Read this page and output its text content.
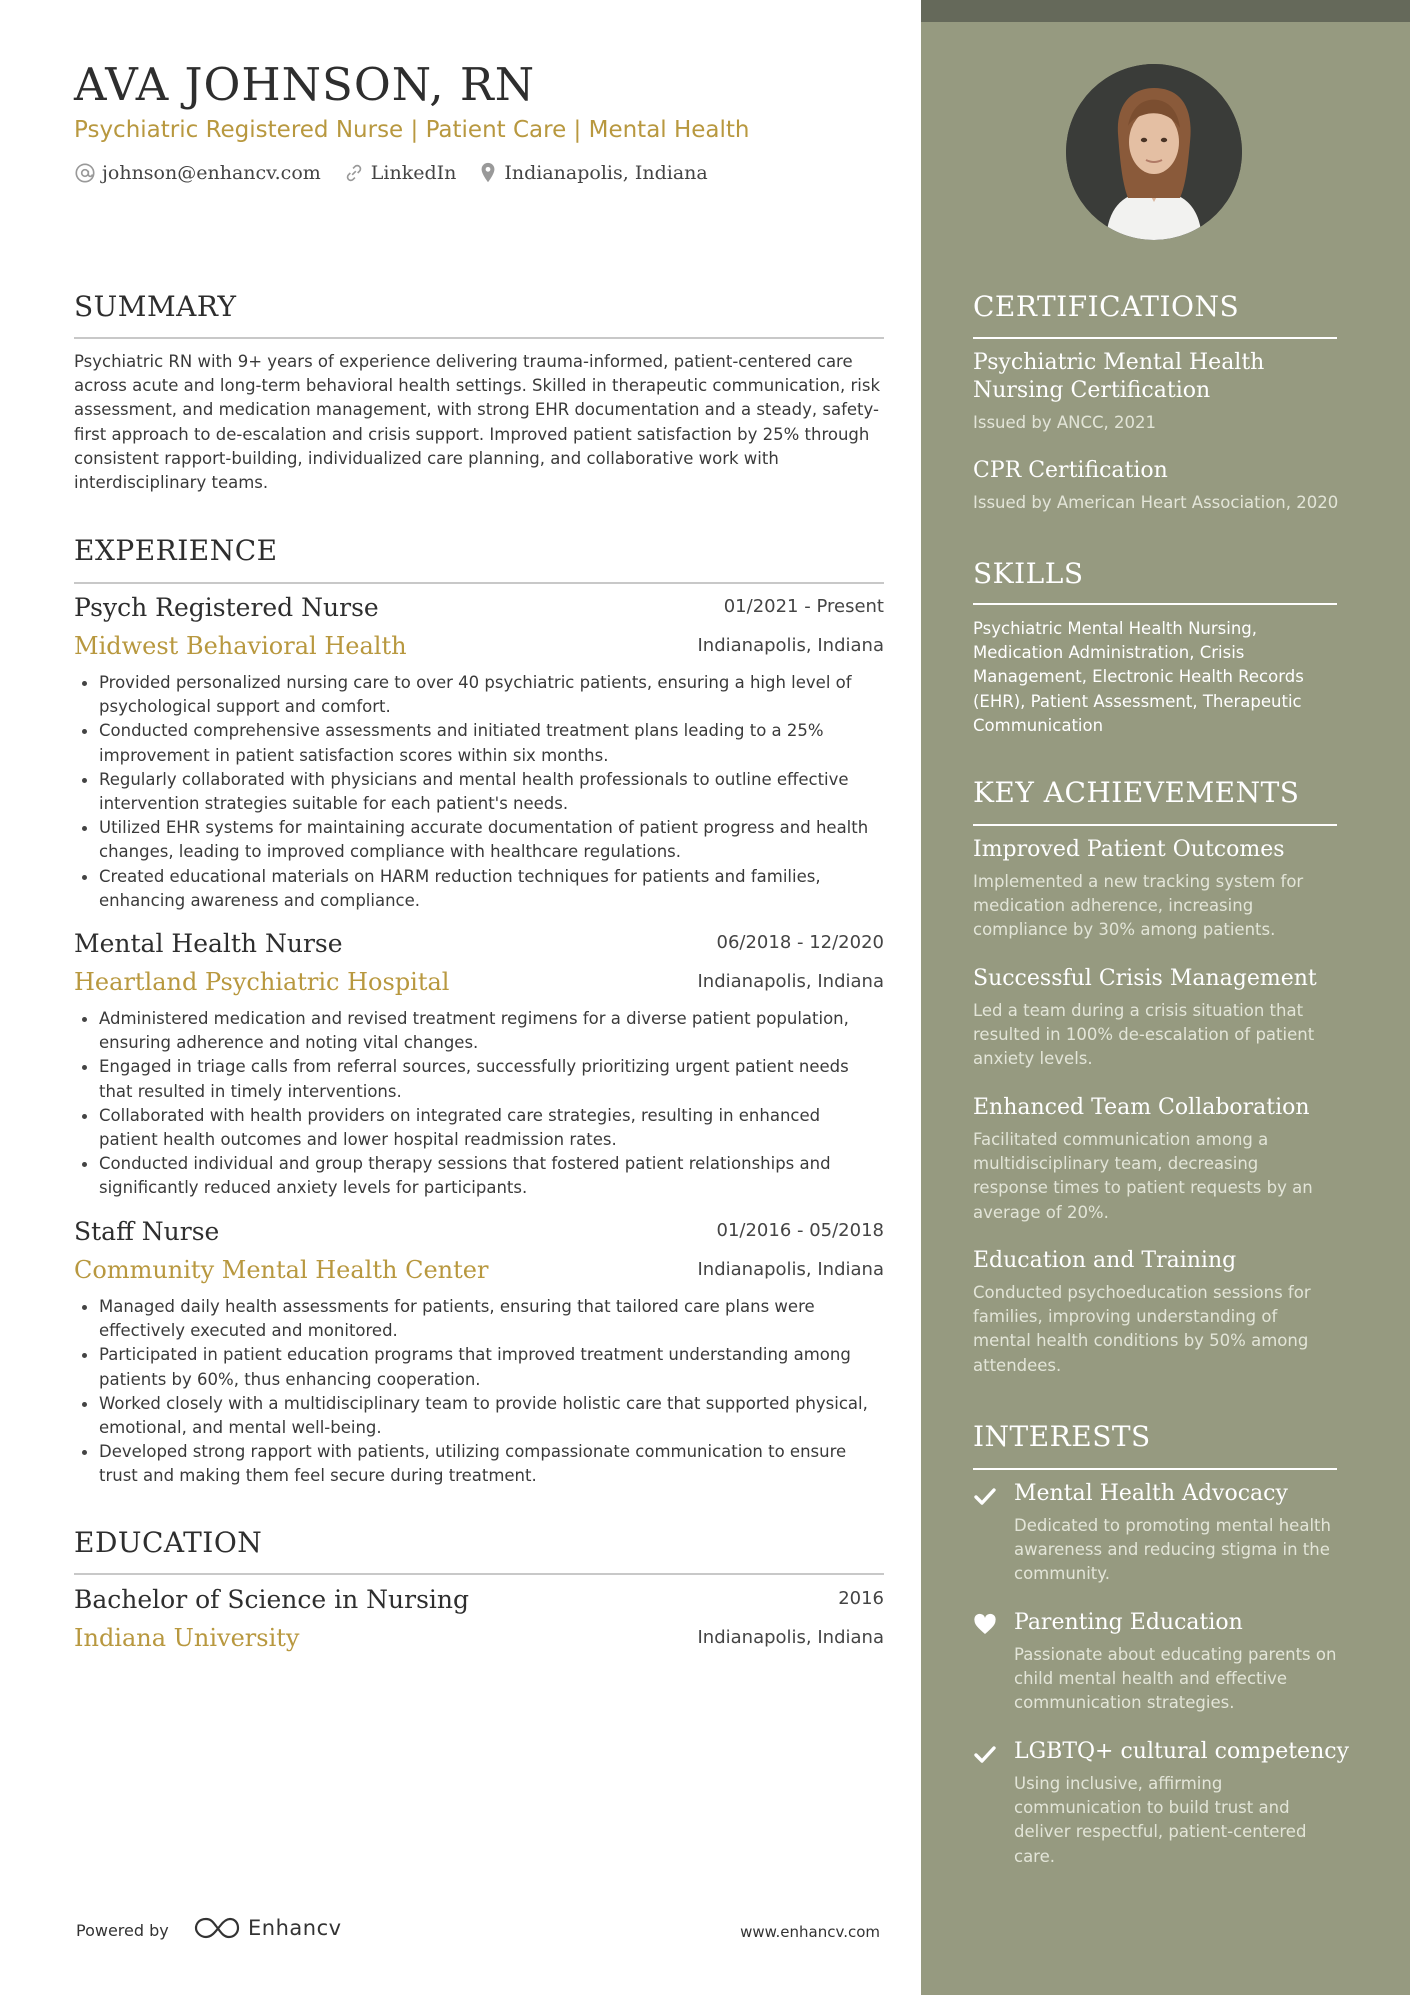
AVA JOHNSON, RN
Psychiatric Registered Nurse | Patient Care | Mental Health
johnson@enhancv.com	LinkedIn	Indianapolis, Indiana
SUMMARY
Psychiatric RN with 9+ years of experience delivering trauma-informed, patient-centered care across acute and long-term behavioral health settings. Skilled in therapeutic communication, risk assessment, and medication management, with strong EHR documentation and a steady, safety-first approach to de-escalation and crisis support. Improved patient satisfaction by 25% through consistent rapport-building, individualized care planning, and collaborative work with interdisciplinary teams.
EXPERIENCE
Psych Registered Nurse	01/2021 - Present
Midwest Behavioral Health	Indianapolis, Indiana
Provided personalized nursing care to over 40 psychiatric patients, ensuring a high level of psychological support and comfort.
Conducted comprehensive assessments and initiated treatment plans leading to a 25% improvement in patient satisfaction scores within six months.
Regularly collaborated with physicians and mental health professionals to outline effective intervention strategies suitable for each patient's needs.
Utilized EHR systems for maintaining accurate documentation of patient progress and health changes, leading to improved compliance with healthcare regulations.
Created educational materials on HARM reduction techniques for patients and families, enhancing awareness and compliance.
Mental Health Nurse	06/2018 - 12/2020
Heartland Psychiatric Hospital	Indianapolis, Indiana
Administered medication and revised treatment regimens for a diverse patient population, ensuring adherence and noting vital changes.
Engaged in triage calls from referral sources, successfully prioritizing urgent patient needs that resulted in timely interventions.
Collaborated with health providers on integrated care strategies, resulting in enhanced patient health outcomes and lower hospital readmission rates.
Conducted individual and group therapy sessions that fostered patient relationships and significantly reduced anxiety levels for participants.
Staff Nurse	01/2016 - 05/2018
Community Mental Health Center	Indianapolis, Indiana
Managed daily health assessments for patients, ensuring that tailored care plans were effectively executed and monitored.
Participated in patient education programs that improved treatment understanding among patients by 60%, thus enhancing cooperation.
Worked closely with a multidisciplinary team to provide holistic care that supported physical, emotional, and mental well-being.
Developed strong rapport with patients, utilizing compassionate communication to ensure trust and making them feel secure during treatment.
EDUCATION
Bachelor of Science in Nursing	2016
Indiana University	Indianapolis, Indiana
Powered by	Enhancv	www.enhancv.com
CERTIFICATIONS
Psychiatric Mental Health Nursing Certification
Issued by ANCC, 2021
CPR Certification
Issued by American Heart Association, 2020
SKILLS
Psychiatric Mental Health Nursing, Medication Administration, Crisis Management, Electronic Health Records (EHR), Patient Assessment, Therapeutic Communication
KEY ACHIEVEMENTS
Improved Patient Outcomes
Implemented a new tracking system for medication adherence, increasing compliance by 30% among patients.
Successful Crisis Management
Led a team during a crisis situation that resulted in 100% de-escalation of patient anxiety levels.
Enhanced Team Collaboration
Facilitated communication among a multidisciplinary team, decreasing response times to patient requests by an average of 20%.
Education and Training
Conducted psychoeducation sessions for families, improving understanding of mental health conditions by 50% among attendees.
INTERESTS
Mental Health Advocacy
Dedicated to promoting mental health awareness and reducing stigma in the community.
Parenting Education
Passionate about educating parents on child mental health and effective communication strategies.
LGBTQ+ cultural competency
Using inclusive, affirming communication to build trust and deliver respectful, patient-centered care.
